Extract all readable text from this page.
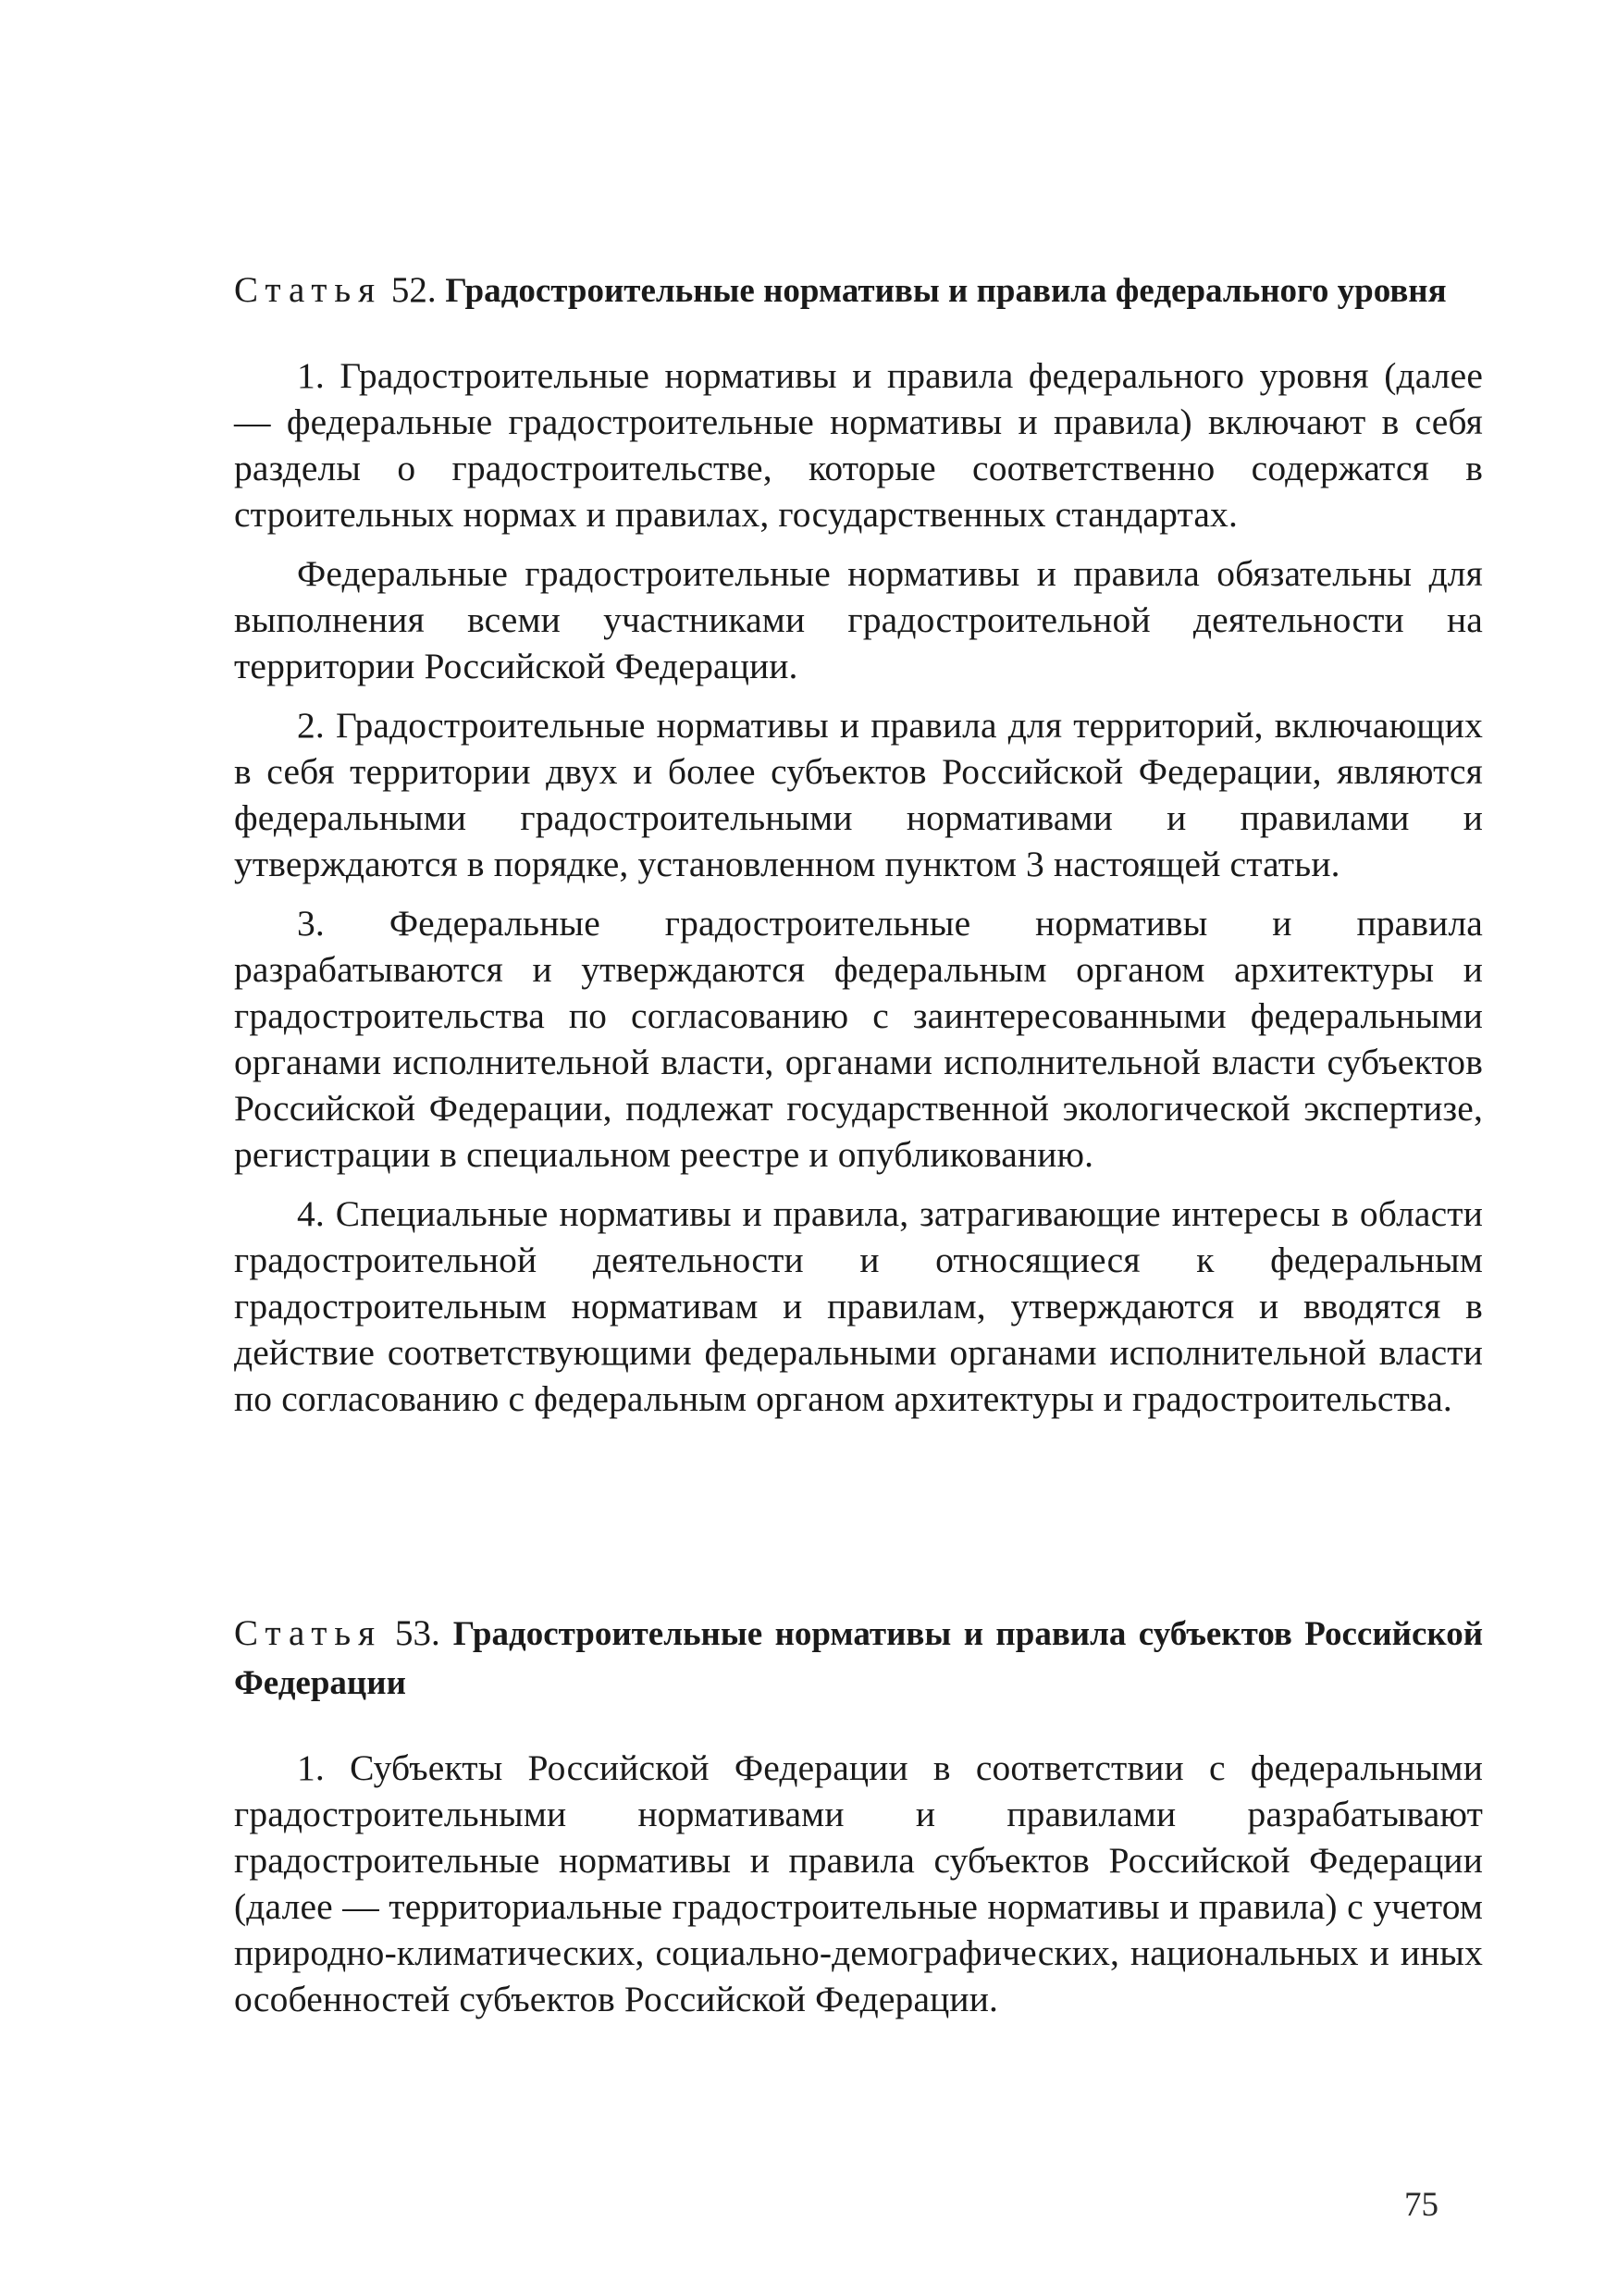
Статья 52. Градостроительные нормативы и правила федерального уровня

1. Градостроительные нормативы и правила федерального уровня (далее — федеральные градостроительные нормативы и правила) включают в себя разделы о градостроительстве, которые соответственно содержатся в строительных нормах и правилах, государственных стандартах.

Федеральные градостроительные нормативы и правила обязательны для выполнения всеми участниками градостроительной деятельности на территории Российской Федерации.

2. Градостроительные нормативы и правила для территорий, включающих в себя территории двух и более субъектов Российской Федерации, являются федеральными градостроительными нормативами и правилами и утверждаются в порядке, установленном пунктом 3 настоящей статьи.

3. Федеральные градостроительные нормативы и правила разрабатываются и утверждаются федеральным органом архитектуры и градостроительства по согласованию с заинтересованными федеральными органами исполнительной власти, органами исполнительной власти субъектов Российской Федерации, подлежат государственной экологической экспертизе, регистрации в специальном реестре и опубликованию.

4. Специальные нормативы и правила, затрагивающие интересы в области градостроительной деятельности и относящиеся к федеральным градостроительным нормативам и правилам, утверждаются и вводятся в действие соответствующими федеральными органами исполнительной власти по согласованию с федеральным органом архитектуры и градостроительства.

Статья 53. Градостроительные нормативы и правила субъектов Российской Федерации

1. Субъекты Российской Федерации в соответствии с федеральными градостроительными нормативами и правилами разрабатывают градостроительные нормативы и правила субъектов Российской Федерации (далее — территориальные градостроительные нормативы и правила) с учетом природно-климатических, социально-демографических, национальных и иных особенностей субъектов Российской Федерации.

75
